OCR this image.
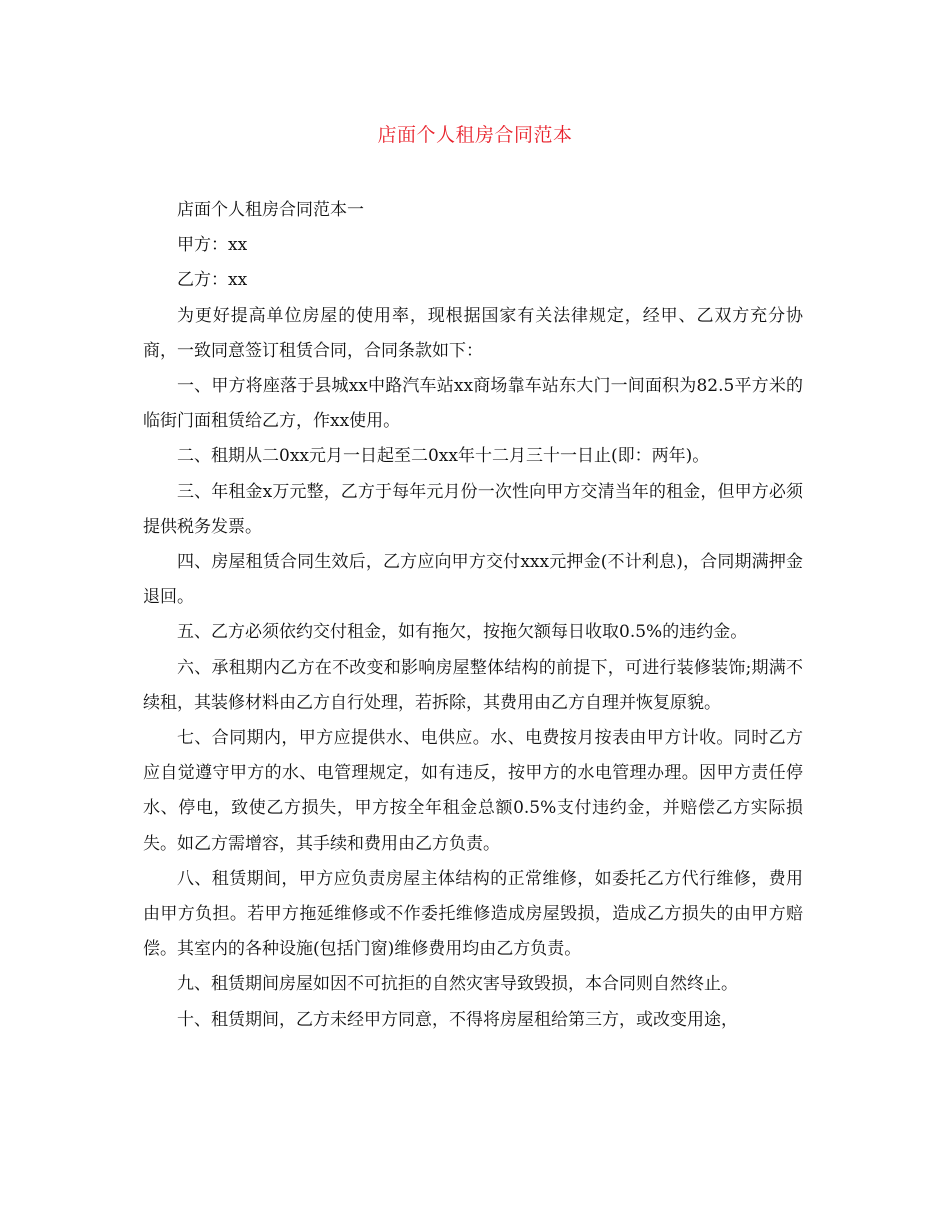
店面个人租房合同范本

店面个人租房合同范本一

甲方：xx

乙方：xx

为更好提高单位房屋的使用率，现根据国家有关法律规定，经甲、乙双方充分协商，一致同意签订租赁合同，合同条款如下：

一、甲方将座落于县城xx中路汽车站xx商场靠车站东大门一间面积为82.5平方米的临街门面租赁给乙方，作xx使用。

二、租期从二0xx元月一日起至二0xx年十二月三十一日止(即：两年)。

三、年租金x万元整，乙方于每年元月份一次性向甲方交清当年的租金，但甲方必须提供税务发票。

四、房屋租赁合同生效后，乙方应向甲方交付xxx元押金(不计利息)，合同期满押金退回。

五、乙方必须依约交付租金，如有拖欠，按拖欠额每日收取0.5%的违约金。

六、承租期内乙方在不改变和影响房屋整体结构的前提下，可进行装修装饰;期满不续租，其装修材料由乙方自行处理，若拆除，其费用由乙方自理并恢复原貌。

七、合同期内，甲方应提供水、电供应。水、电费按月按表由甲方计收。同时乙方应自觉遵守甲方的水、电管理规定，如有违反，按甲方的水电管理办理。因甲方责任停水、停电，致使乙方损失，甲方按全年租金总额0.5%支付违约金，并赔偿乙方实际损失。如乙方需增容，其手续和费用由乙方负责。

八、租赁期间，甲方应负责房屋主体结构的正常维修，如委托乙方代行维修，费用由甲方负担。若甲方拖延维修或不作委托维修造成房屋毁损，造成乙方损失的由甲方赔偿。其室内的各种设施(包括门窗)维修费用均由乙方负责。

九、租赁期间房屋如因不可抗拒的自然灾害导致毁损，本合同则自然终止。

十、租赁期间，乙方未经甲方同意，不得将房屋租给第三方，或改变用途，
